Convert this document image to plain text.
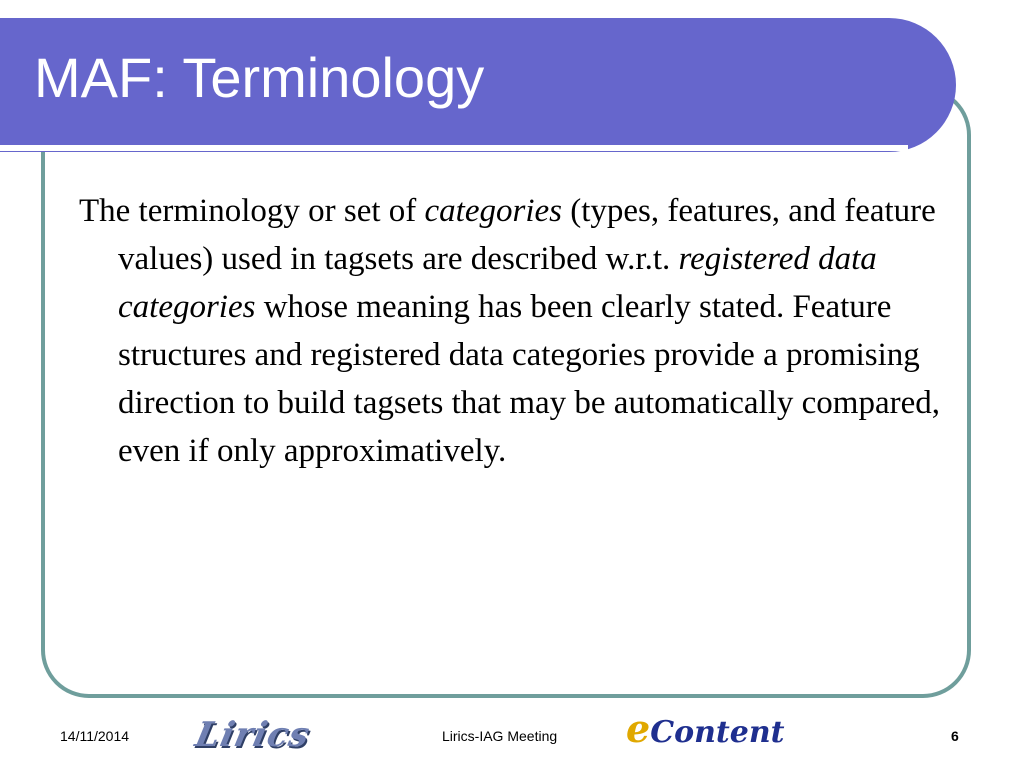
MAF: Terminology

The terminology or set of categories (types, features, and feature values) used in tagsets are described w.r.t. registered data categories whose meaning has been clearly stated. Feature structures and registered data categories provide a promising direction to build tagsets that may be automatically compared, even if only approximatively.

14/11/2014 Lirics	Lirics-IAG Meeting eContent	6
